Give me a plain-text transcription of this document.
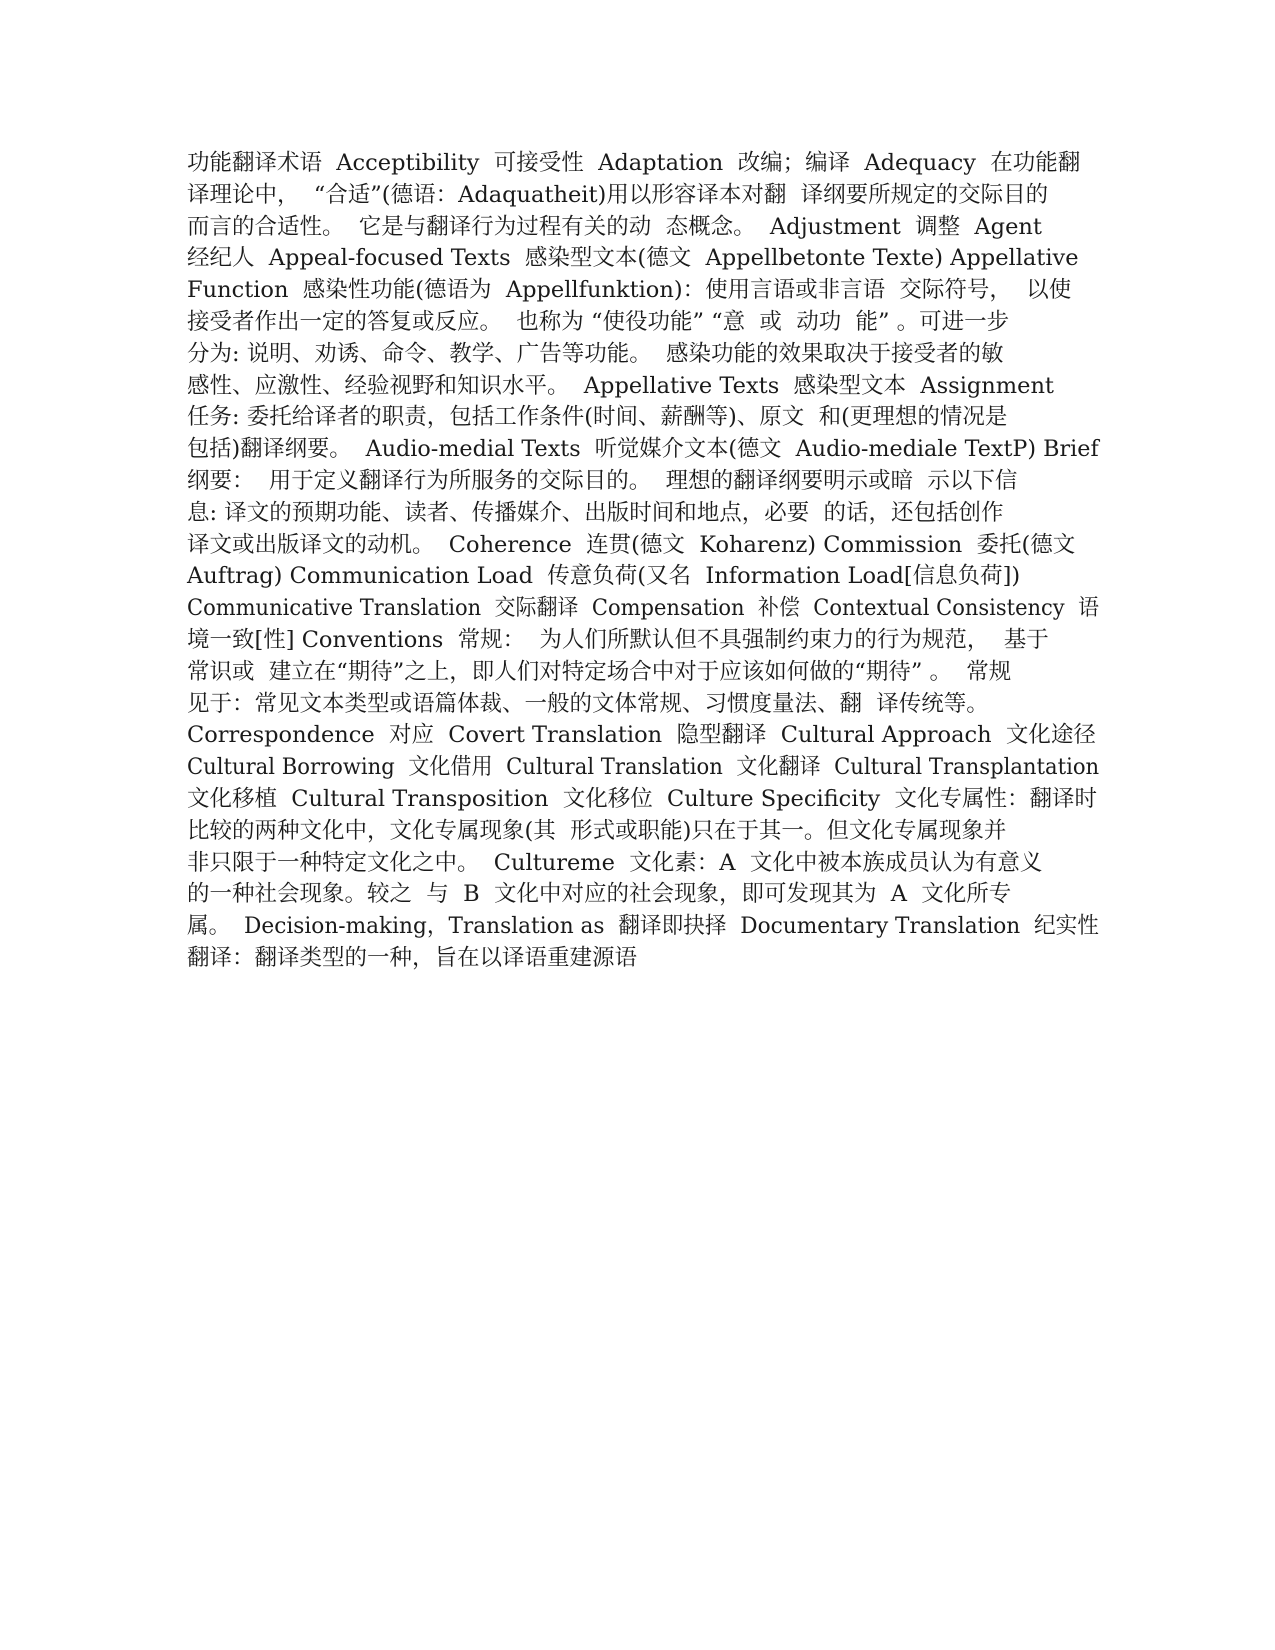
功能翻译术语  Acceptibility  可接受性  Adaptation  改编；编译  Adequacy  在功能翻
译理论中，  “合适”(德语：Adaquatheit)用以形容译本对翻  译纲要所规定的交际目的
而言的合适性。  它是与翻译行为过程有关的动  态概念。  Adjustment  调整  Agent
经纪人  Appeal-focused Texts  感染型文本(德文  Appellbetonte Texte) Appellative
Function  感染性功能(德语为  Appellfunktion)：使用言语或非言语  交际符号，  以使
接受者作出一定的答复或反应。  也称为 “使役功能” “意  或  动功  能” 。可进一步
分为: 说明、劝诱、命令、教学、广告等功能。  感染功能的效果取决于接受者的敏
感性、应激性、经验视野和知识水平。  Appellative Texts  感染型文本  Assignment
任务: 委托给译者的职责，包括工作条件(时间、薪酬等)、原文  和(更理想的情况是
包括)翻译纲要。  Audio-medial Texts  听觉媒介文本(德文  Audio-mediale TextP) Brief
纲要：  用于定义翻译行为所服务的交际目的。  理想的翻译纲要明示或暗  示以下信
息: 译文的预期功能、读者、传播媒介、出版时间和地点，必要  的话，还包括创作
译文或出版译文的动机。  Coherence  连贯(德文  Koharenz) Commission  委托(德文
Auftrag) Communication Load  传意负荷(又名  Information Load[信息负荷])
Communicative Translation  交际翻译  Compensation  补偿  Contextual Consistency  语
境一致[性] Conventions  常规：  为人们所默认但不具强制约束力的行为规范，  基于
常识或  建立在“期待”之上，即人们对特定场合中对于应该如何做的“期待” 。  常规
见于：常见文本类型或语篇体裁、一般的文体常规、习惯度量法、翻  译传统等。
Correspondence  对应  Covert Translation  隐型翻译  Cultural Approach  文化途径
Cultural Borrowing  文化借用  Cultural Translation  文化翻译  Cultural Transplantation
文化移植  Cultural Transposition  文化移位  Culture Specificity  文化专属性：翻译时
比较的两种文化中，文化专属现象(其  形式或职能)只在于其一。但文化专属现象并
非只限于一种特定文化之中。  Cultureme  文化素：A  文化中被本族成员认为有意义
的一种社会现象。较之  与  B  文化中对应的社会现象，即可发现其为  A  文化所专
属。  Decision-making，Translation as  翻译即抉择  Documentary Translation  纪实性
翻译：翻译类型的一种，旨在以译语重建源语
